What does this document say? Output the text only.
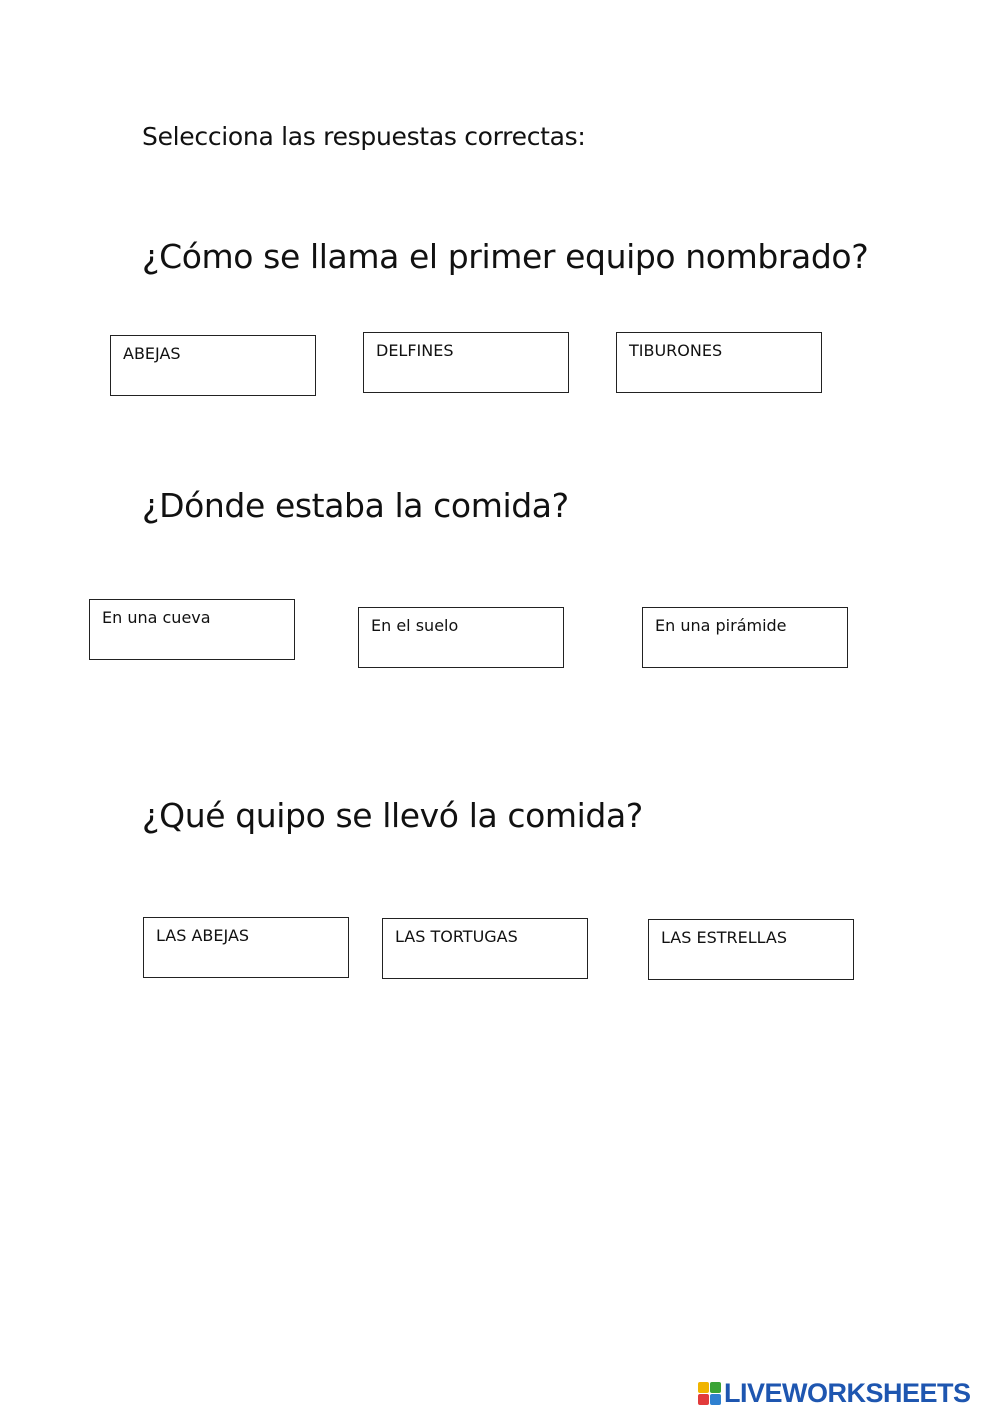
Selecciona las respuestas correctas:
¿Cómo se llama el primer equipo nombrado?
ABEJAS	DELFINES	TIBURONES
¿Dónde estaba la comida?
En una cueva	En el suelo	En una pirámide
¿Qué quipo se llevó la comida?
LAS ABEJAS	LAS TORTUGAS	LAS ESTRELLAS
LIVEWORKSHEETS
